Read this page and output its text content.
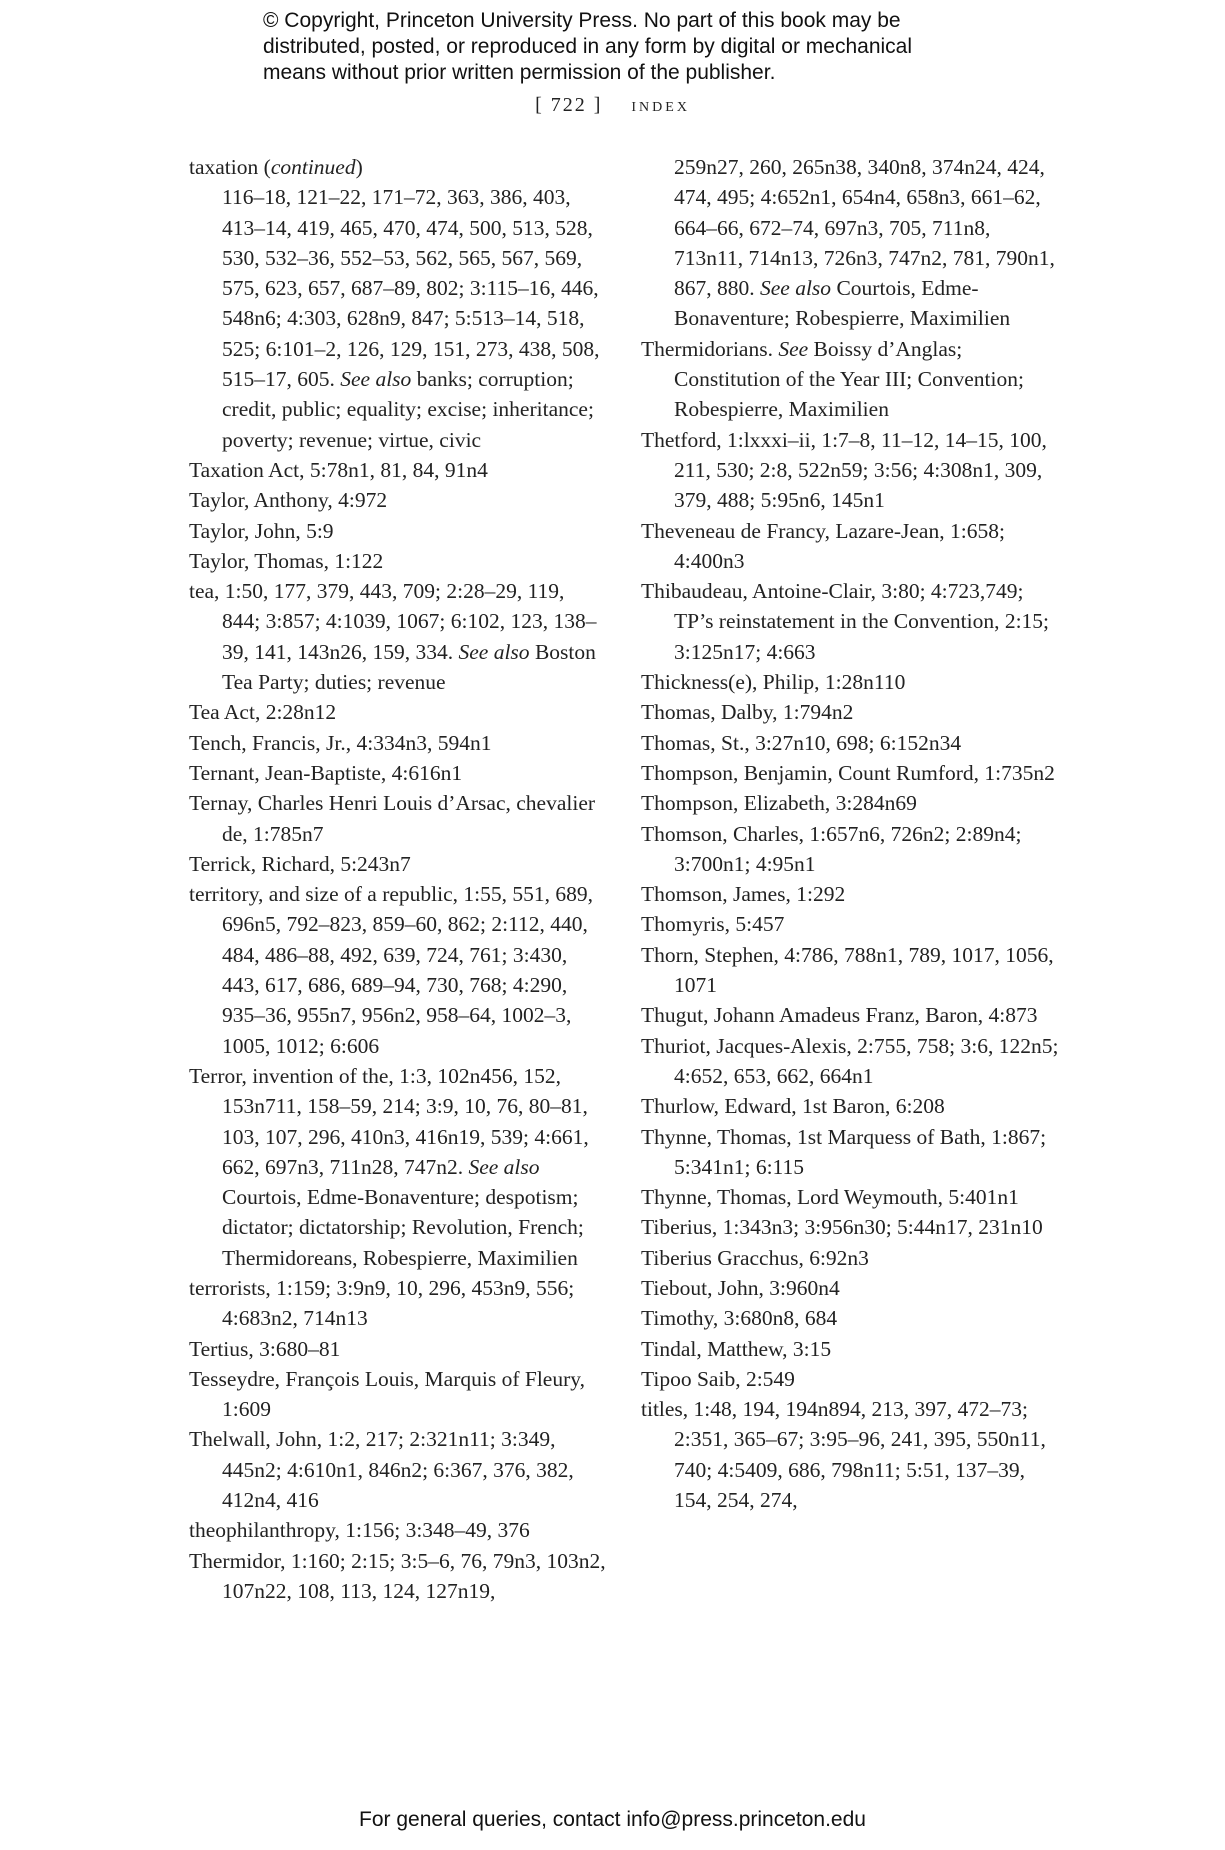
© Copyright, Princeton University Press. No part of this book may be
distributed, posted, or reproduced in any form by digital or mechanical
means without prior written permission of the publisher.

[ 722 ] index

taxation (continued)

116–18, 121–22, 171–72, 363, 386, 403, 413–14, 419, 465, 470, 474, 500, 513, 528, 530, 532–36, 552–53, 562, 565, 567, 569, 575, 623, 657, 687–89, 802; 3:115–16, 446, 548n6; 4:303, 628n9, 847; 5:513–14, 518, 525; 6:101–2, 126, 129, 151, 273, 438, 508, 515–17, 605. See also banks; corruption; credit, public; equality; excise; inheritance; poverty; revenue; virtue, civic

Taxation Act, 5:78n1, 81, 84, 91n4

Taylor, Anthony, 4:972

Taylor, John, 5:9

Taylor, Thomas, 1:122

tea, 1:50, 177, 379, 443, 709; 2:28–29, 119, 844; 3:857; 4:1039, 1067; 6:102, 123, 138–39, 141, 143n26, 159, 334. See also Boston Tea Party; duties; revenue

Tea Act, 2:28n12

Tench, Francis, Jr., 4:334n3, 594n1

Ternant, Jean-Baptiste, 4:616n1

Ternay, Charles Henri Louis d’Arsac, chevalier de, 1:785n7

Terrick, Richard, 5:243n7

territory, and size of a republic, 1:55, 551, 689, 696n5, 792–823, 859–60, 862; 2:112, 440, 484, 486–88, 492, 639, 724, 761; 3:430, 443, 617, 686, 689–94, 730, 768; 4:290, 935–36, 955n7, 956n2, 958–64, 1002–3, 1005, 1012; 6:606

Terror, invention of the, 1:3, 102n456, 152, 153n711, 158–59, 214; 3:9, 10, 76, 80–81, 103, 107, 296, 410n3, 416n19, 539; 4:661, 662, 697n3, 711n28, 747n2. See also Courtois, Edme-Bonaventure; despotism; dictator; dictatorship; Revolution, French; Thermidoreans, Robespierre, Maximilien

terrorists, 1:159; 3:9n9, 10, 296, 453n9, 556; 4:683n2, 714n13

Tertius, 3:680–81

Tesseydre, François Louis, Marquis of Fleury, 1:609

Thelwall, John, 1:2, 217; 2:321n11; 3:349, 445n2; 4:610n1, 846n2; 6:367, 376, 382, 412n4, 416

theophilanthropy, 1:156; 3:348–49, 376

Thermidor, 1:160; 2:15; 3:5–6, 76, 79n3, 103n2, 107n22, 108, 113, 124, 127n19,

259n27, 260, 265n38, 340n8, 374n24, 424, 474, 495; 4:652n1, 654n4, 658n3, 661–62, 664–66, 672–74, 697n3, 705, 711n8, 713n11, 714n13, 726n3, 747n2, 781, 790n1, 867, 880. See also Courtois, Edme-Bonaventure; Robespierre, Maximilien

Thermidorians. See Boissy d’Anglas; Constitution of the Year III; Convention; Robespierre, Maximilien

Thetford, 1:lxxxi–ii, 1:7–8, 11–12, 14–15, 100, 211, 530; 2:8, 522n59; 3:56; 4:308n1, 309, 379, 488; 5:95n6, 145n1

Theveneau de Francy, Lazare-Jean, 1:658; 4:400n3

Thibaudeau, Antoine-Clair, 3:80; 4:723,749; TP’s reinstatement in the Convention, 2:15; 3:125n17; 4:663

Thickness(e), Philip, 1:28n110

Thomas, Dalby, 1:794n2

Thomas, St., 3:27n10, 698; 6:152n34

Thompson, Benjamin, Count Rumford, 1:735n2

Thompson, Elizabeth, 3:284n69

Thomson, Charles, 1:657n6, 726n2; 2:89n4; 3:700n1; 4:95n1

Thomson, James, 1:292

Thomyris, 5:457

Thorn, Stephen, 4:786, 788n1, 789, 1017, 1056, 1071

Thugut, Johann Amadeus Franz, Baron, 4:873

Thuriot, Jacques-Alexis, 2:755, 758; 3:6, 122n5; 4:652, 653, 662, 664n1

Thurlow, Edward, 1st Baron, 6:208

Thynne, Thomas, 1st Marquess of Bath, 1:867; 5:341n1; 6:115

Thynne, Thomas, Lord Weymouth, 5:401n1

Tiberius, 1:343n3; 3:956n30; 5:44n17, 231n10

Tiberius Gracchus, 6:92n3

Tiebout, John, 3:960n4

Timothy, 3:680n8, 684

Tindal, Matthew, 3:15

Tipoo Saib, 2:549

titles, 1:48, 194, 194n894, 213, 397, 472–73; 2:351, 365–67; 3:95–96, 241, 395, 550n11, 740; 4:5409, 686, 798n11; 5:51, 137–39, 154, 254, 274,

For general queries, contact info@press.princeton.edu
